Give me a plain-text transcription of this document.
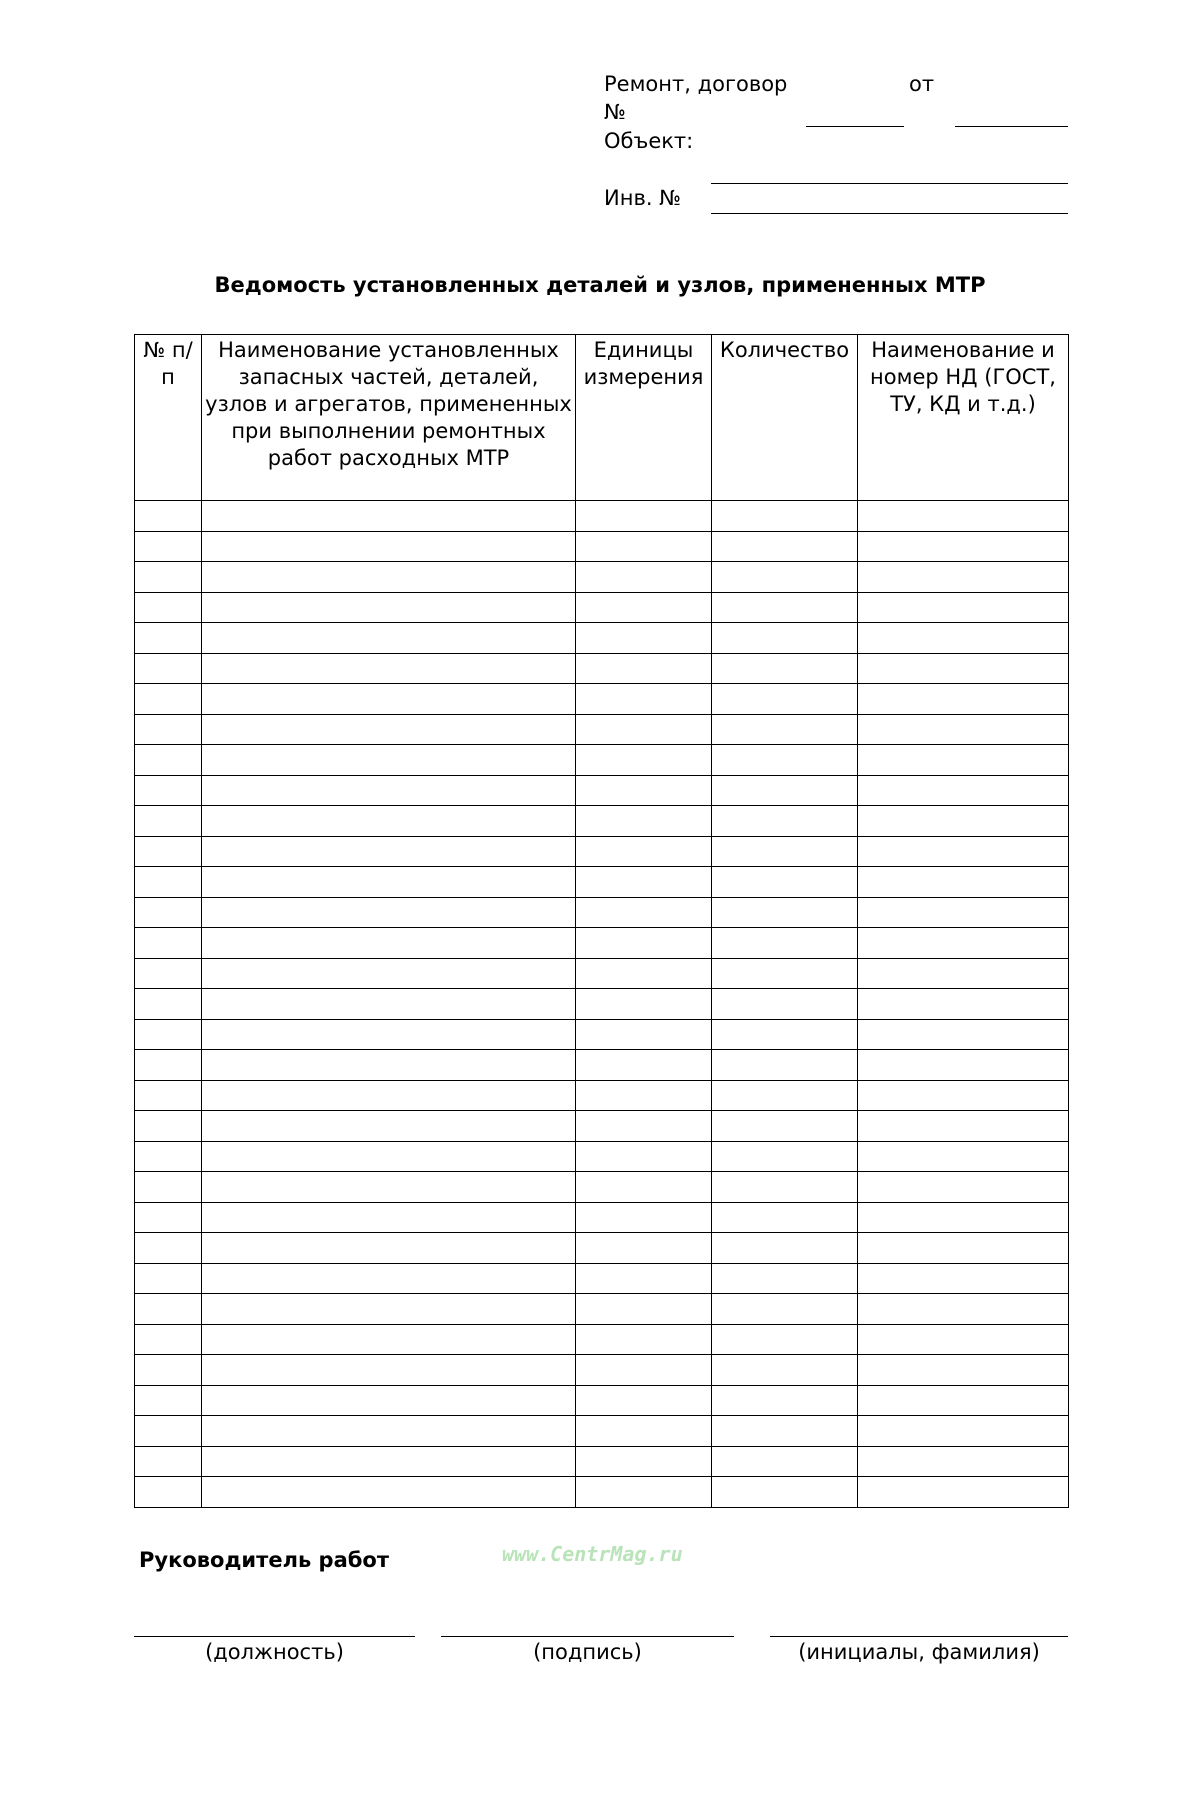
Ремонт, договор	от
№
Объект:
Инв. №
Ведомость установленных деталей и узлов, примененных МТР
№ п/п	Наименование установленных запасных частей, деталей, узлов и агрегатов, примененных при выполнении ремонтных работ расходных МТР	Единицы измерения	Количество	Наименование и номер НД (ГОСТ, ТУ, КД и т.д.)

Руководитель работ	www.CentrMag.ru
(должность)	(подпись)	(инициалы, фамилия)
